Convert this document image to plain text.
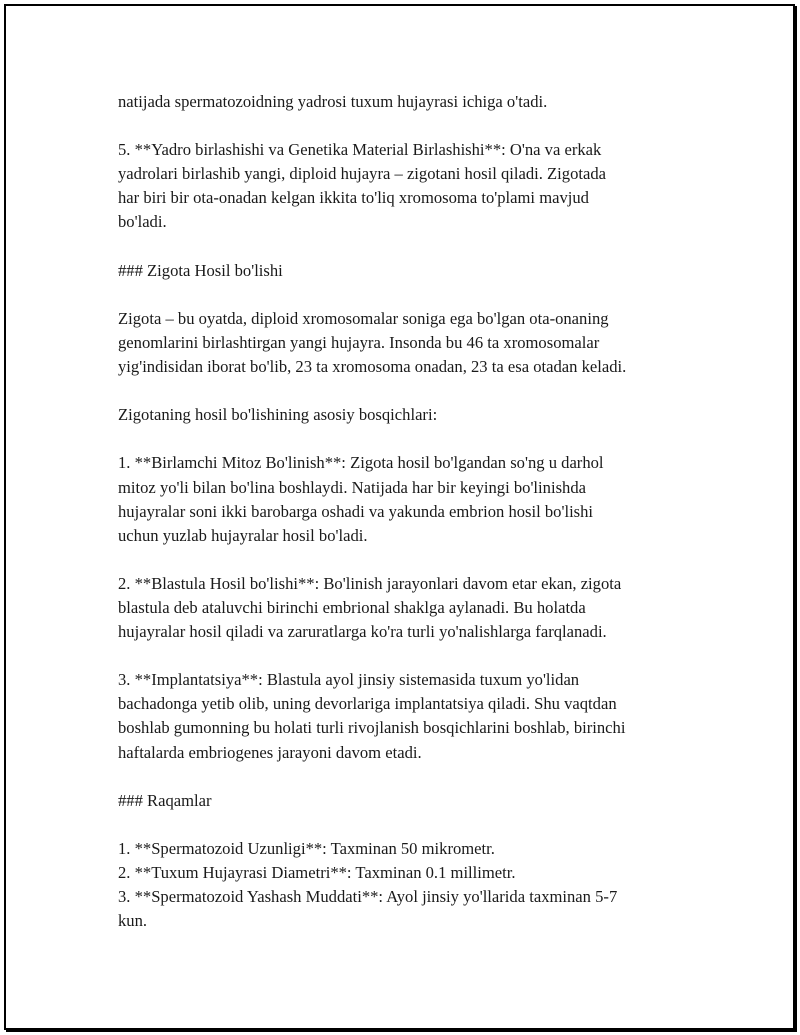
natijada spermatozoidning yadrosi tuxum hujayrasi ichiga o'tadi.

5. **Yadro birlashishi va Genetika Material Birlashishi**: O'na va erkak
yadrolari birlashib yangi, diploid hujayra – zigotani hosil qiladi. Zigotada
har biri bir ota-onadan kelgan ikkita to'liq xromosoma to'plami mavjud
bo'ladi.

### Zigota Hosil bo'lishi

Zigota – bu oyatda, diploid xromosomalar soniga ega bo'lgan ota-onaning
genomlarini birlashtirgan yangi hujayra. Insonda bu 46 ta xromosomalar
yig'indisidan iborat bo'lib, 23 ta xromosoma onadan, 23 ta esa otadan keladi.

Zigotaning hosil bo'lishining asosiy bosqichlari:

1. **Birlamchi Mitoz Bo'linish**: Zigota hosil bo'lgandan so'ng u darhol
mitoz yo'li bilan bo'lina boshlaydi. Natijada har bir keyingi bo'linishda
hujayralar soni ikki barobarga oshadi va yakunda embrion hosil bo'lishi
uchun yuzlab hujayralar hosil bo'ladi.

2. **Blastula Hosil bo'lishi**: Bo'linish jarayonlari davom etar ekan, zigota
blastula deb ataluvchi birinchi embrional shaklga aylanadi. Bu holatda
hujayralar hosil qiladi va zaruratlarga ko'ra turli yo'nalishlarga farqlanadi.

3. **Implantatsiya**: Blastula ayol jinsiy sistemasida tuxum yo'lidan
bachadonga yetib olib, uning devorlariga implantatsiya qiladi. Shu vaqtdan
boshlab gumonning bu holati turli rivojlanish bosqichlarini boshlab, birinchi
haftalarda embriogenes jarayoni davom etadi.

### Raqamlar

1. **Spermatozoid Uzunligi**: Taxminan 50 mikrometr.

2. **Tuxum Hujayrasi Diametri**: Taxminan 0.1 millimetr.

3. **Spermatozoid Yashash Muddati**: Ayol jinsiy yo'llarida taxminan 5-7
kun.
